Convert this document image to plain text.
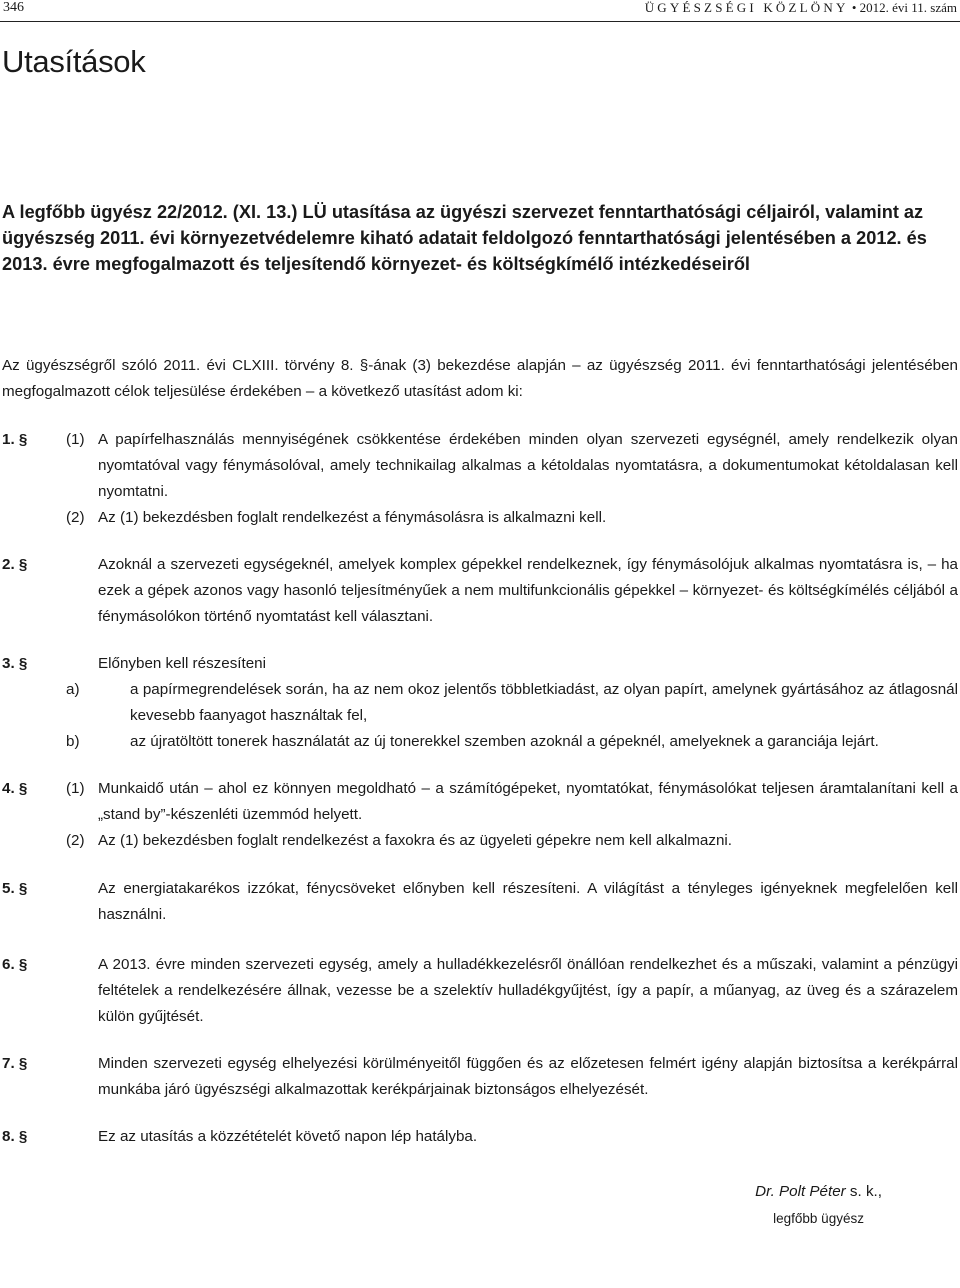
346	ÜGYÉSZSÉGI KÖZLÖNY • 2012. évi 11. szám
Utasítások
A legfőbb ügyész 22/2012. (XI. 13.) LÜ utasítása az ügyészi szervezet fenntarthatósági céljairól, valamint az ügyészség 2011. évi környezetvédelemre kiható adatait feldolgozó fenntarthatósági jelentésében a 2012. és 2013. évre megfogalmazott és teljesítendő környezet- és költségkímélő intézkedéseiről

Az ügyészségről szóló 2011. évi CLXIII. törvény 8. §-ának (3) bekezdése alapján – az ügyészség 2011. évi fenntarthatósági jelentésében megfogalmazott célok teljesülése érdekében – a következő utasítást adom ki:

1. §	(1) A papírfelhasználás mennyiségének csökkentése érdekében minden olyan szervezeti egységnél, amely rendelkezik olyan nyomtatóval vagy fénymásolóval, amely technikailag alkalmas a kétoldalas nyomtatásra, a dokumentumokat kétoldalasan kell nyomtatni.
(2) Az (1) bekezdésben foglalt rendelkezést a fénymásolásra is alkalmazni kell.
2. §	Azoknál a szervezeti egységeknél, amelyek komplex gépekkel rendelkeznek, így fénymásolójuk alkalmas nyomtatásra is, – ha ezek a gépek azonos vagy hasonló teljesítményűek a nem multifunkcionális gépekkel – környezet- és költségkímélés céljából a fénymásolókon történő nyomtatást kell választani.
3. §	Előnyben kell részesíteni
a)	a papírmegrendelések során, ha az nem okoz jelentős többletkiadást, az olyan papírt, amelynek gyártásához az átlagosnál kevesebb faanyagot használtak fel,
b)	az újratöltött tonerek használatát az új tonerekkel szemben azoknál a gépeknél, amelyeknek a garanciája lejárt.
4. §	(1) Munkaidő után – ahol ez könnyen megoldható – a számítógépeket, nyomtatókat, fénymásolókat teljesen áramtalanítani kell a „stand by”-készenléti üzemmód helyett.
(2) Az (1) bekezdésben foglalt rendelkezést a faxokra és az ügyeleti gépekre nem kell alkalmazni.
5. §	Az energiatakarékos izzókat, fénycsöveket előnyben kell részesíteni. A világítást a tényleges igényeknek megfelelően kell használni.
6. §	A 2013. évre minden szervezeti egység, amely a hulladékkezelésről önállóan rendelkezhet és a műszaki, valamint a pénzügyi feltételek a rendelkezésére állnak, vezesse be a szelektív hulladékgyűjtést, így a papír, a műanyag, az üveg és a szárazelem külön gyűjtését.
7. §	Minden szervezeti egység elhelyezési körülményeitől függően és az előzetesen felmért igény alapján biztosítsa a kerékpárral munkába járó ügyészségi alkalmazottak kerékpárjainak biztonságos elhelyezését.
8. §	Ez az utasítás a közzétételét követő napon lép hatályba.
Dr. Polt Péter s. k.,
legfőbb ügyész
